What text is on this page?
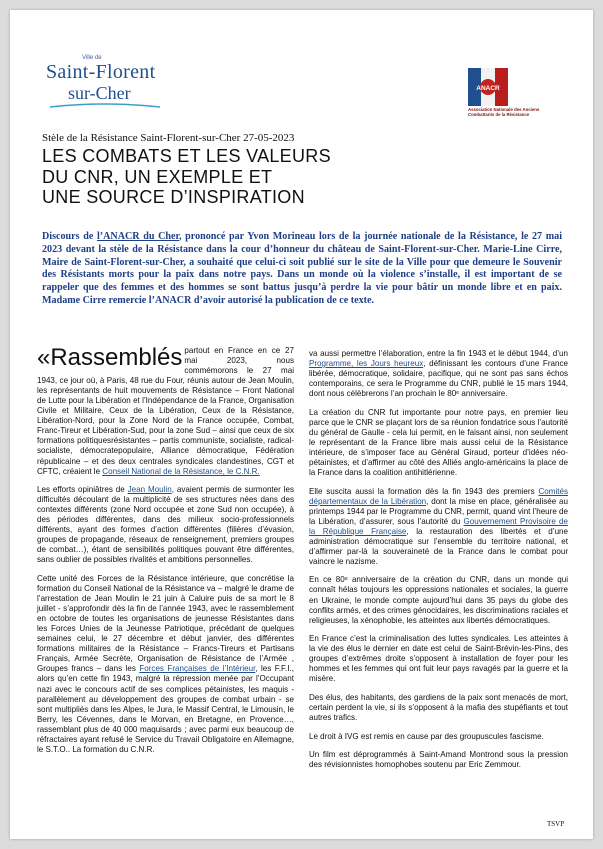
Ville de
Saint-Florent
sur-Cher	ANACR
Association Nationale des Anciens Combattants de la Résistance
Stèle de la Résistance Saint-Florent-sur-Cher 27-05-2023
LES COMBATS ET LES VALEURS
DU CNR, UN EXEMPLE ET
UNE SOURCE D’INSPIRATION
Discours de l’ANACR du Cher, prononcé par Yvon Morineau lors de la journée nationale de la Résistance, le 27 mai 2023 devant la stèle de la Résistance dans la cour d’honneur du château de Saint-Florent-sur-Cher. Marie-Line Cirre, Maire de Saint-Florent-sur-Cher, a souhaité que celui-ci soit publié sur le site de la Ville pour que demeure le Souvenir des Résistants morts pour la paix dans notre pays. Dans un monde où la violence s’installe, il est important de se rappeler que des femmes et des hommes se sont battus jusqu’à perdre la vie pour bâtir un monde libre et en paix. Madame Cirre remercie l’ANACR d’avoir autorisé la publication de ce texte.

«Rassemblés partout en France en ce 27 mai 2023, nous commémorons le 27 mai 1943, ce jour où, à Paris, 48 rue du Four, réunis autour de Jean Moulin, les représentants de huit mouvements de Résistance – Front National de Lutte pour la Libération et l’Indépendance de la France, Organisation Civile et Militaire, Ceux de la Libération, Ceux de la Résistance, Libération-Nord, pour la Zone Nord de la France occupée, Combat, Franc-Tireur et Libération-Sud, pour la zone Sud – ainsi que ceux de six formations politiquesrésistantes – partis communiste, socialiste, radical-socialiste, démocratepopulaire, Alliance démocratique, Fédération républicaine – et des deux centrales syndicales clandestines, CGT et CFTC, créaient le Conseil National de la Résistance, le C.N.R.

Les efforts opiniâtres de Jean Moulin, avaient permis de surmonter les difficultés découlant de la multiplicité de ses structures nées dans des contextes différents (zone Nord occupée et zone Sud non occupée), à des périodes différentes, dans des milieux socio-professionnels différents, ayant des formes d’action différentes (filières d’évasion, groupes de propagande, réseaux de renseignement, premiers groupes de combat…), étant de sensibilités politiques pouvant être différentes, sans oublier de possibles rivalités et ambitions personnelles.

Cette unité des Forces de la Résistance intérieure, que concrétise la formation du Conseil National de la Résistance va – malgré le drame de l’arrestation de Jean Moulin le 21 juin à Caluire puis de sa mort le 8 juillet - s’approfondir dès la fin de l’année 1943, avec le rassemblement en octobre de toutes les organisations de jeunesse Résistantes dans les Forces Unies de la Jeunesse Patriotique, précédant de quelques semaines celui, le 27 décembre et début janvier, des différentes formations militaires de la Résistance – Francs-Tireurs et Partisans Français, Armée Secrète, Organisation de Résistance de l’Armée , Groupes francs – dans les Forces Françaises de l’Intérieur, les F.F.I., alors qu’en cette fin 1943, malgré la répression menée par l’Occupant nazi avec le concours actif de ses complices pétainistes, les maquis - parallèlement au développement des groupes de combat urbain - se sont multipliés dans les Alpes, le Jura, le Massif Central, le Limousin, le Berry, les Cévennes, dans le Morvan, en Bretagne, en Provence…, rassemblant plus de 40 000 maquisards ; avec parmi eux beaucoup de réfractaires ayant refusé le Service du Travail Obligatoire en Allemagne, le S.T.O.. La formation du C.N.R.

va aussi permettre l’élaboration, entre la fin 1943 et le début 1944, d’un Programme, les Jours heureux, définissant les contours d’une France libérée, démocratique, solidaire, pacifique, qui ne sont pas sans échos contemporains, ce sera le Programme du CNR, publié le 15 mars 1944, dont nous célèbrerons l’an prochain le 80ᵉ anniversaire.

La création du CNR fut importante pour notre pays, en premier lieu parce que le CNR se plaçant lors de sa réunion fondatrice sous l’autorité du général de Gaulle - cela lui permit, en le faisant ainsi, non seulement le représentant de la France libre mais aussi celui de la Résistance intérieure, de s’imposer face au Général Giraud, porteur d’idées néo-pétainistes, et d’affirmer au côté des Alliés anglo-américains la place de la France dans la coalition antihitlérienne.

Elle suscita aussi la formation dès la fin 1943 des premiers Comités départementaux de la Libération, dont la mise en place, généralisée au printemps 1944 par le Programme du CNR, permit, quand vint l’heure de la Libération, d’assurer, sous l’autorité du Gouvernement Provisoire de la République Française, la restauration des libertés et d’une administration démocratique sur l’ensemble du territoire national, et d’affirmer par-là la souveraineté de la France dans le combat pour vaincre le nazisme.

En ce 80ᵉ anniversaire de la création du CNR, dans un monde qui connaît hélas toujours les oppressions nationales et sociales, la guerre en Ukraine, le monde compte aujourd’hui dans 35 pays du globe des conflits armés, et des crimes génocidaires, les discriminations raciales et religieuses, la xénophobie, les atteintes aux libertés démocratiques.

En France c’est la criminalisation des luttes syndicales. Les atteintes à la vie des élus le dernier en date est celui de Saint-Brévin-les-Pins, des groupes d’extrêmes droite s’opposent à installation de foyer pour les hommes et les femmes qui ont fuit leur pays ravagés par la guerre et la misère.

Des élus, des habitants, des gardiens de la paix sont menacés de mort, certain perdent la vie, si ils s’opposent à la mafia des stupéfiants et tout autres trafics.

Le droit à IVG est remis en cause par des groupuscules fascisme.

Un film est déprogrammés à Saint-Amand Montrond sous la pression des révisionnistes homophobes soutenu par Eric Zemmour.

TSVP
